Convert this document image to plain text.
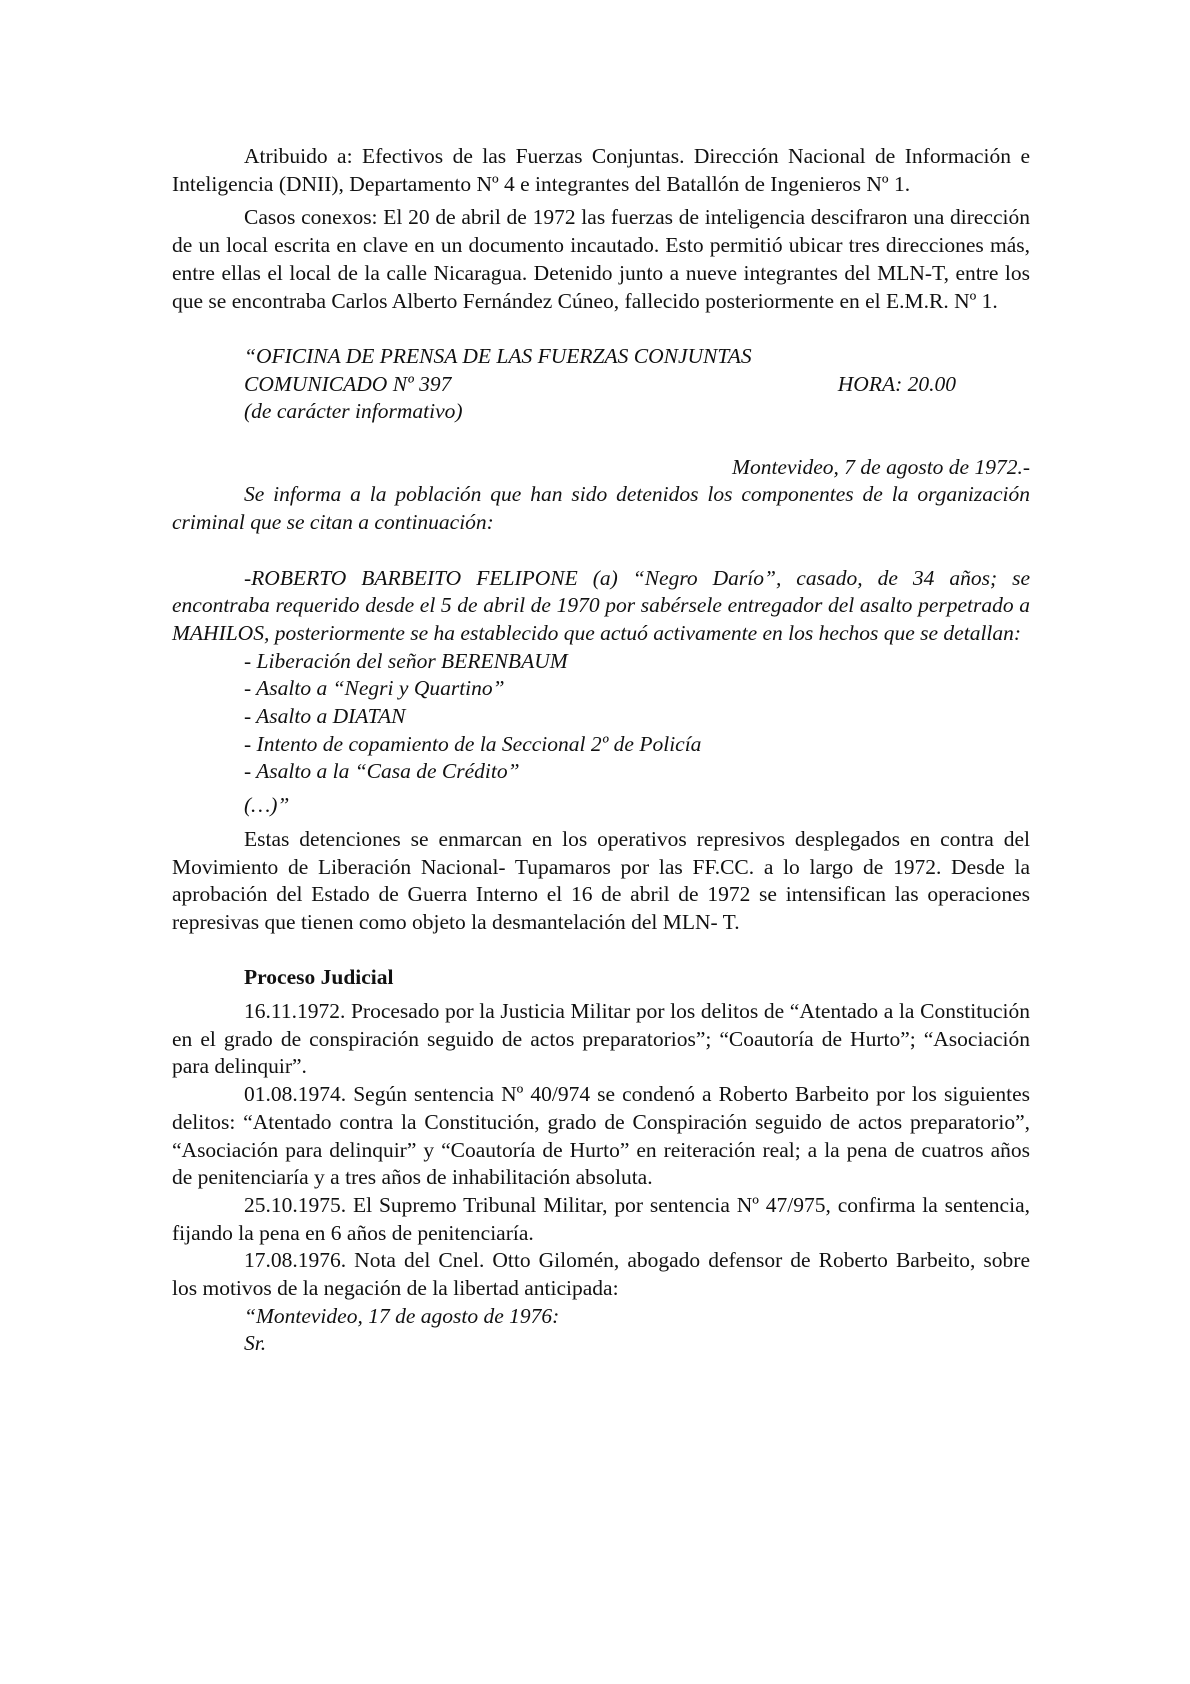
Atribuido a: Efectivos de las Fuerzas Conjuntas. Dirección Nacional de Información e Inteligencia (DNII), Departamento Nº 4 e integrantes del Batallón de Ingenieros Nº 1.

Casos conexos: El 20 de abril de 1972 las fuerzas de inteligencia descifraron una dirección de un local escrita en clave en un documento incautado. Esto permitió ubicar tres direcciones más, entre ellas el local de la calle Nicaragua. Detenido junto a nueve integrantes del MLN-T, entre los que se encontraba Carlos Alberto Fernández Cúneo, fallecido posteriormente en el E.M.R. Nº 1.

“OFICINA DE PRENSA DE LAS FUERZAS CONJUNTAS

COMUNICADO Nº 397	HORA: 20.00

(de carácter informativo)

Montevideo, 7 de agosto de 1972.-

Se informa a la población que han sido detenidos los componentes de la organización criminal que se citan a continuación:

-ROBERTO BARBEITO FELIPONE (a) “Negro Darío”, casado, de 34 años; se encontraba requerido desde el 5 de abril de 1970 por sabérsele entregador del asalto perpetrado a MAHILOS, posteriormente se ha establecido que actuó activamente en los hechos que se detallan:

- Liberación del señor BERENBAUM

- Asalto a “Negri y Quartino”

- Asalto a DIATAN

- Intento de copamiento de la Seccional 2º de Policía

- Asalto a la “Casa de Crédito”

(…)”

Estas detenciones se enmarcan en los operativos represivos desplegados en contra del Movimiento de Liberación Nacional- Tupamaros por las FF.CC. a lo largo de 1972. Desde la aprobación del Estado de Guerra Interno el 16 de abril de 1972 se intensifican las operaciones represivas que tienen como objeto la desmantelación del MLN- T.

Proceso Judicial

16.11.1972. Procesado por la Justicia Militar por los delitos de “Atentado a la Constitución en el grado de conspiración seguido de actos preparatorios”; “Coautoría de Hurto”; “Asociación para delinquir”.

01.08.1974. Según sentencia Nº 40/974 se condenó a Roberto Barbeito por los siguientes delitos: “Atentado contra la Constitución, grado de Conspiración seguido de actos preparatorio”, “Asociación para delinquir” y “Coautoría de Hurto” en reiteración real; a la pena de cuatros años de penitenciaría y a tres años de inhabilitación absoluta.

25.10.1975. El Supremo Tribunal Militar, por sentencia Nº 47/975, confirma la sentencia, fijando la pena en 6 años de penitenciaría.

17.08.1976. Nota del Cnel. Otto Gilomén, abogado defensor de Roberto Barbeito, sobre los motivos de la negación de la libertad anticipada:

“Montevideo, 17 de agosto de 1976:

Sr.
